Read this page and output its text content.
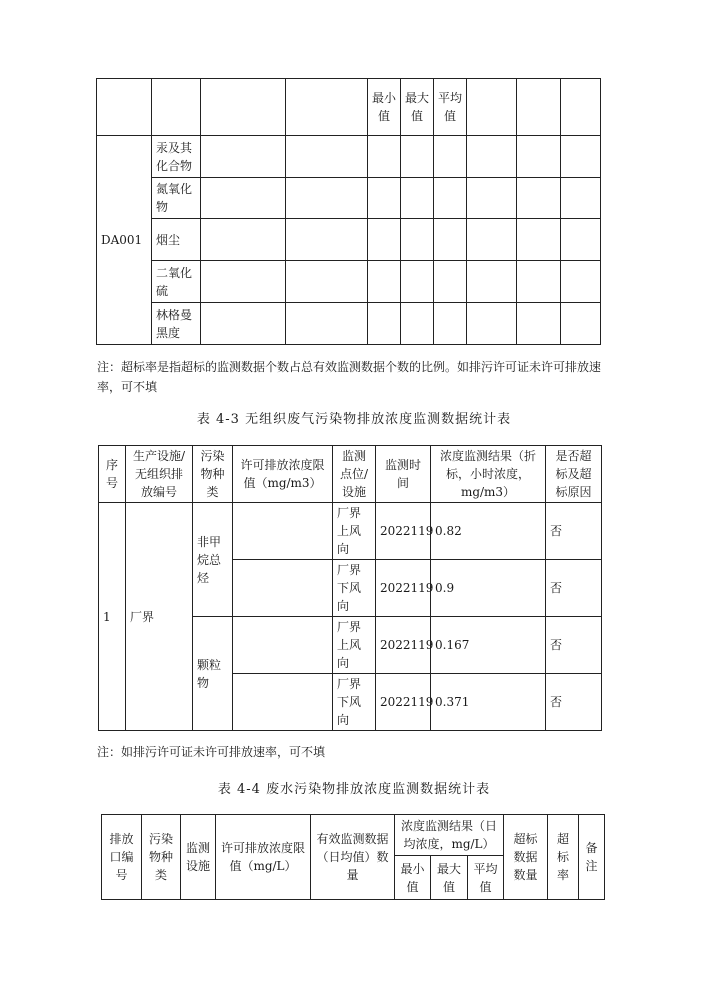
				最小值	最大值	平均值			
DA001	汞及其化合物								
	氮氧化物								
	烟尘								
	二氧化硫								
	林格曼黑度								
注：超标率是指超标的监测数据个数占总有效监测数据个数的比例。如排污许可证未许可排放速率，可不填
表 4-3 无组织废气污染物排放浓度监测数据统计表
序号	生产设施/无组织排放编号	污染物种类	许可排放浓度限值（mg/m3）	监测点位/设施	监测时间	浓度监测结果（折标，小时浓度，mg/m3）	是否超标及超标原因
1	厂界	非甲烷总烃		厂界上风向	2022119	0.82	否
				厂界下风向	2022119	0.9	否
		颗粒物		厂界上风向	2022119	0.167	否
				厂界下风向	2022119	0.371	否
注：如排污许可证未许可排放速率，可不填
表 4-4 废水污染物排放浓度监测数据统计表
排放口编号	污染物种类	监测设施	许可排放浓度限值（mg/L）	有效监测数据（日均值）数量	浓度监测结果（日均浓度，mg/L）			超标数据数量	超标率	备注
					最小值	最大值	平均值			
